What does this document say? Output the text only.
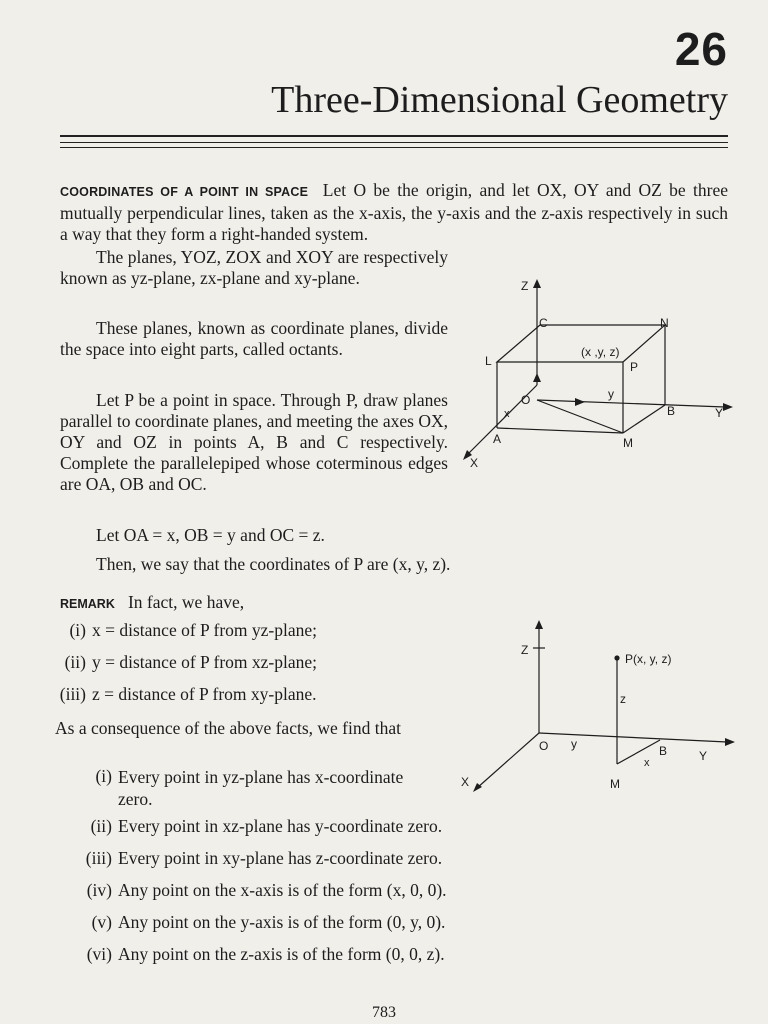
26
Three-Dimensional Geometry
COORDINATES OF A POINT IN SPACE Let O be the origin, and let OX, OY and OZ be three mutually perpendicular lines, taken as the x-axis, the y-axis and the z-axis respectively in such a way that they form a right-handed system.
The planes, YOZ, ZOX and XOY are respectively known as yz-plane, zx-plane and xy-plane.
These planes, known as coordinate planes, divide the space into eight parts, called octants.
Let P be a point in space. Through P, draw planes parallel to coordinate planes, and meeting the axes OX, OY and OZ in points A, B and C respectively. Complete the parallelepiped whose coterminous edges are OA, OB and OC.
Let OA = x, OB = y and OC = z.
Then, we say that the coordinates of P are (x, y, z).
REMARK In fact, we have,
(i) x = distance of P from yz-plane;
(ii) y = distance of P from xz-plane;
(iii) z = distance of P from xy-plane.
As a consequence of the above facts, we find that
(i) Every point in yz-plane has x-coordinate zero.
(ii) Every point in xz-plane has y-coordinate zero.
(iii) Every point in xy-plane has z-coordinate zero.
(iv) Any point on the x-axis is of the form (x, 0, 0).
(v) Any point on the y-axis is of the form (0, y, 0).
(vi) Any point on the z-axis is of the form (0, 0, z).
Z
Y
X
O
C	N
L	P
A
B
M
(x ,y, z)
y
x
Z
Y
X
O y
z
x
B
M
P(x, y, z)
783
